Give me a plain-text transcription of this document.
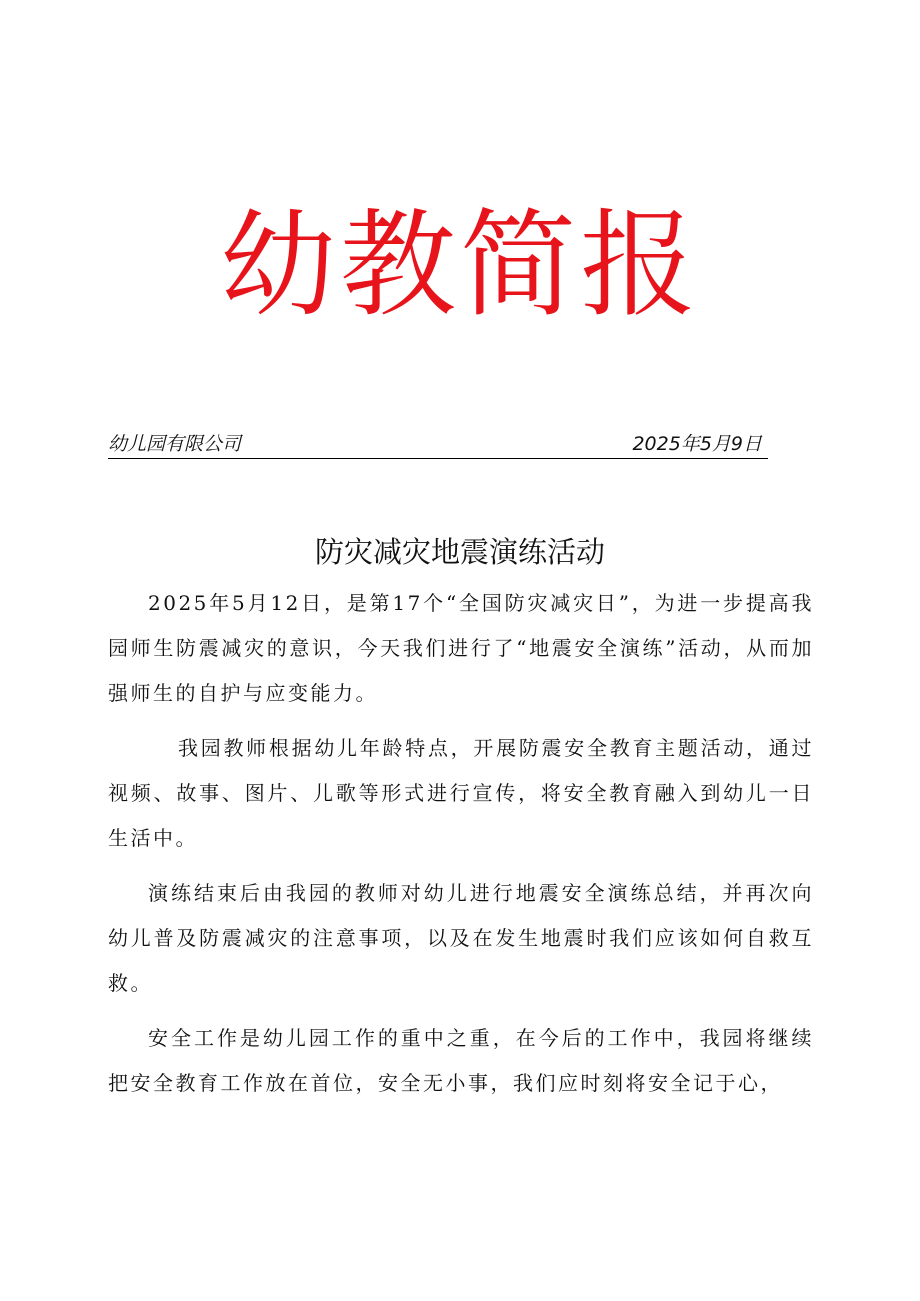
幼教简报
幼儿园有限公司	2025年5月9日
防灾减灾地震演练活动

2025年5月12日，是第17个“全国防灾减灾日”，为进一步提高我园师生防震减灾的意识，今天我们进行了“地震安全演练”活动，从而加强师生的自护与应变能力。

我园教师根据幼儿年龄特点，开展防震安全教育主题活动，通过视频、故事、图片、儿歌等形式进行宣传，将安全教育融入到幼儿一日生活中。

演练结束后由我园的教师对幼儿进行地震安全演练总结，并再次向幼儿普及防震减灾的注意事项，以及在发生地震时我们应该如何自救互救。

安全工作是幼儿园工作的重中之重，在今后的工作中，我园将继续把安全教育工作放在首位，安全无小事，我们应时刻将安全记于心，
